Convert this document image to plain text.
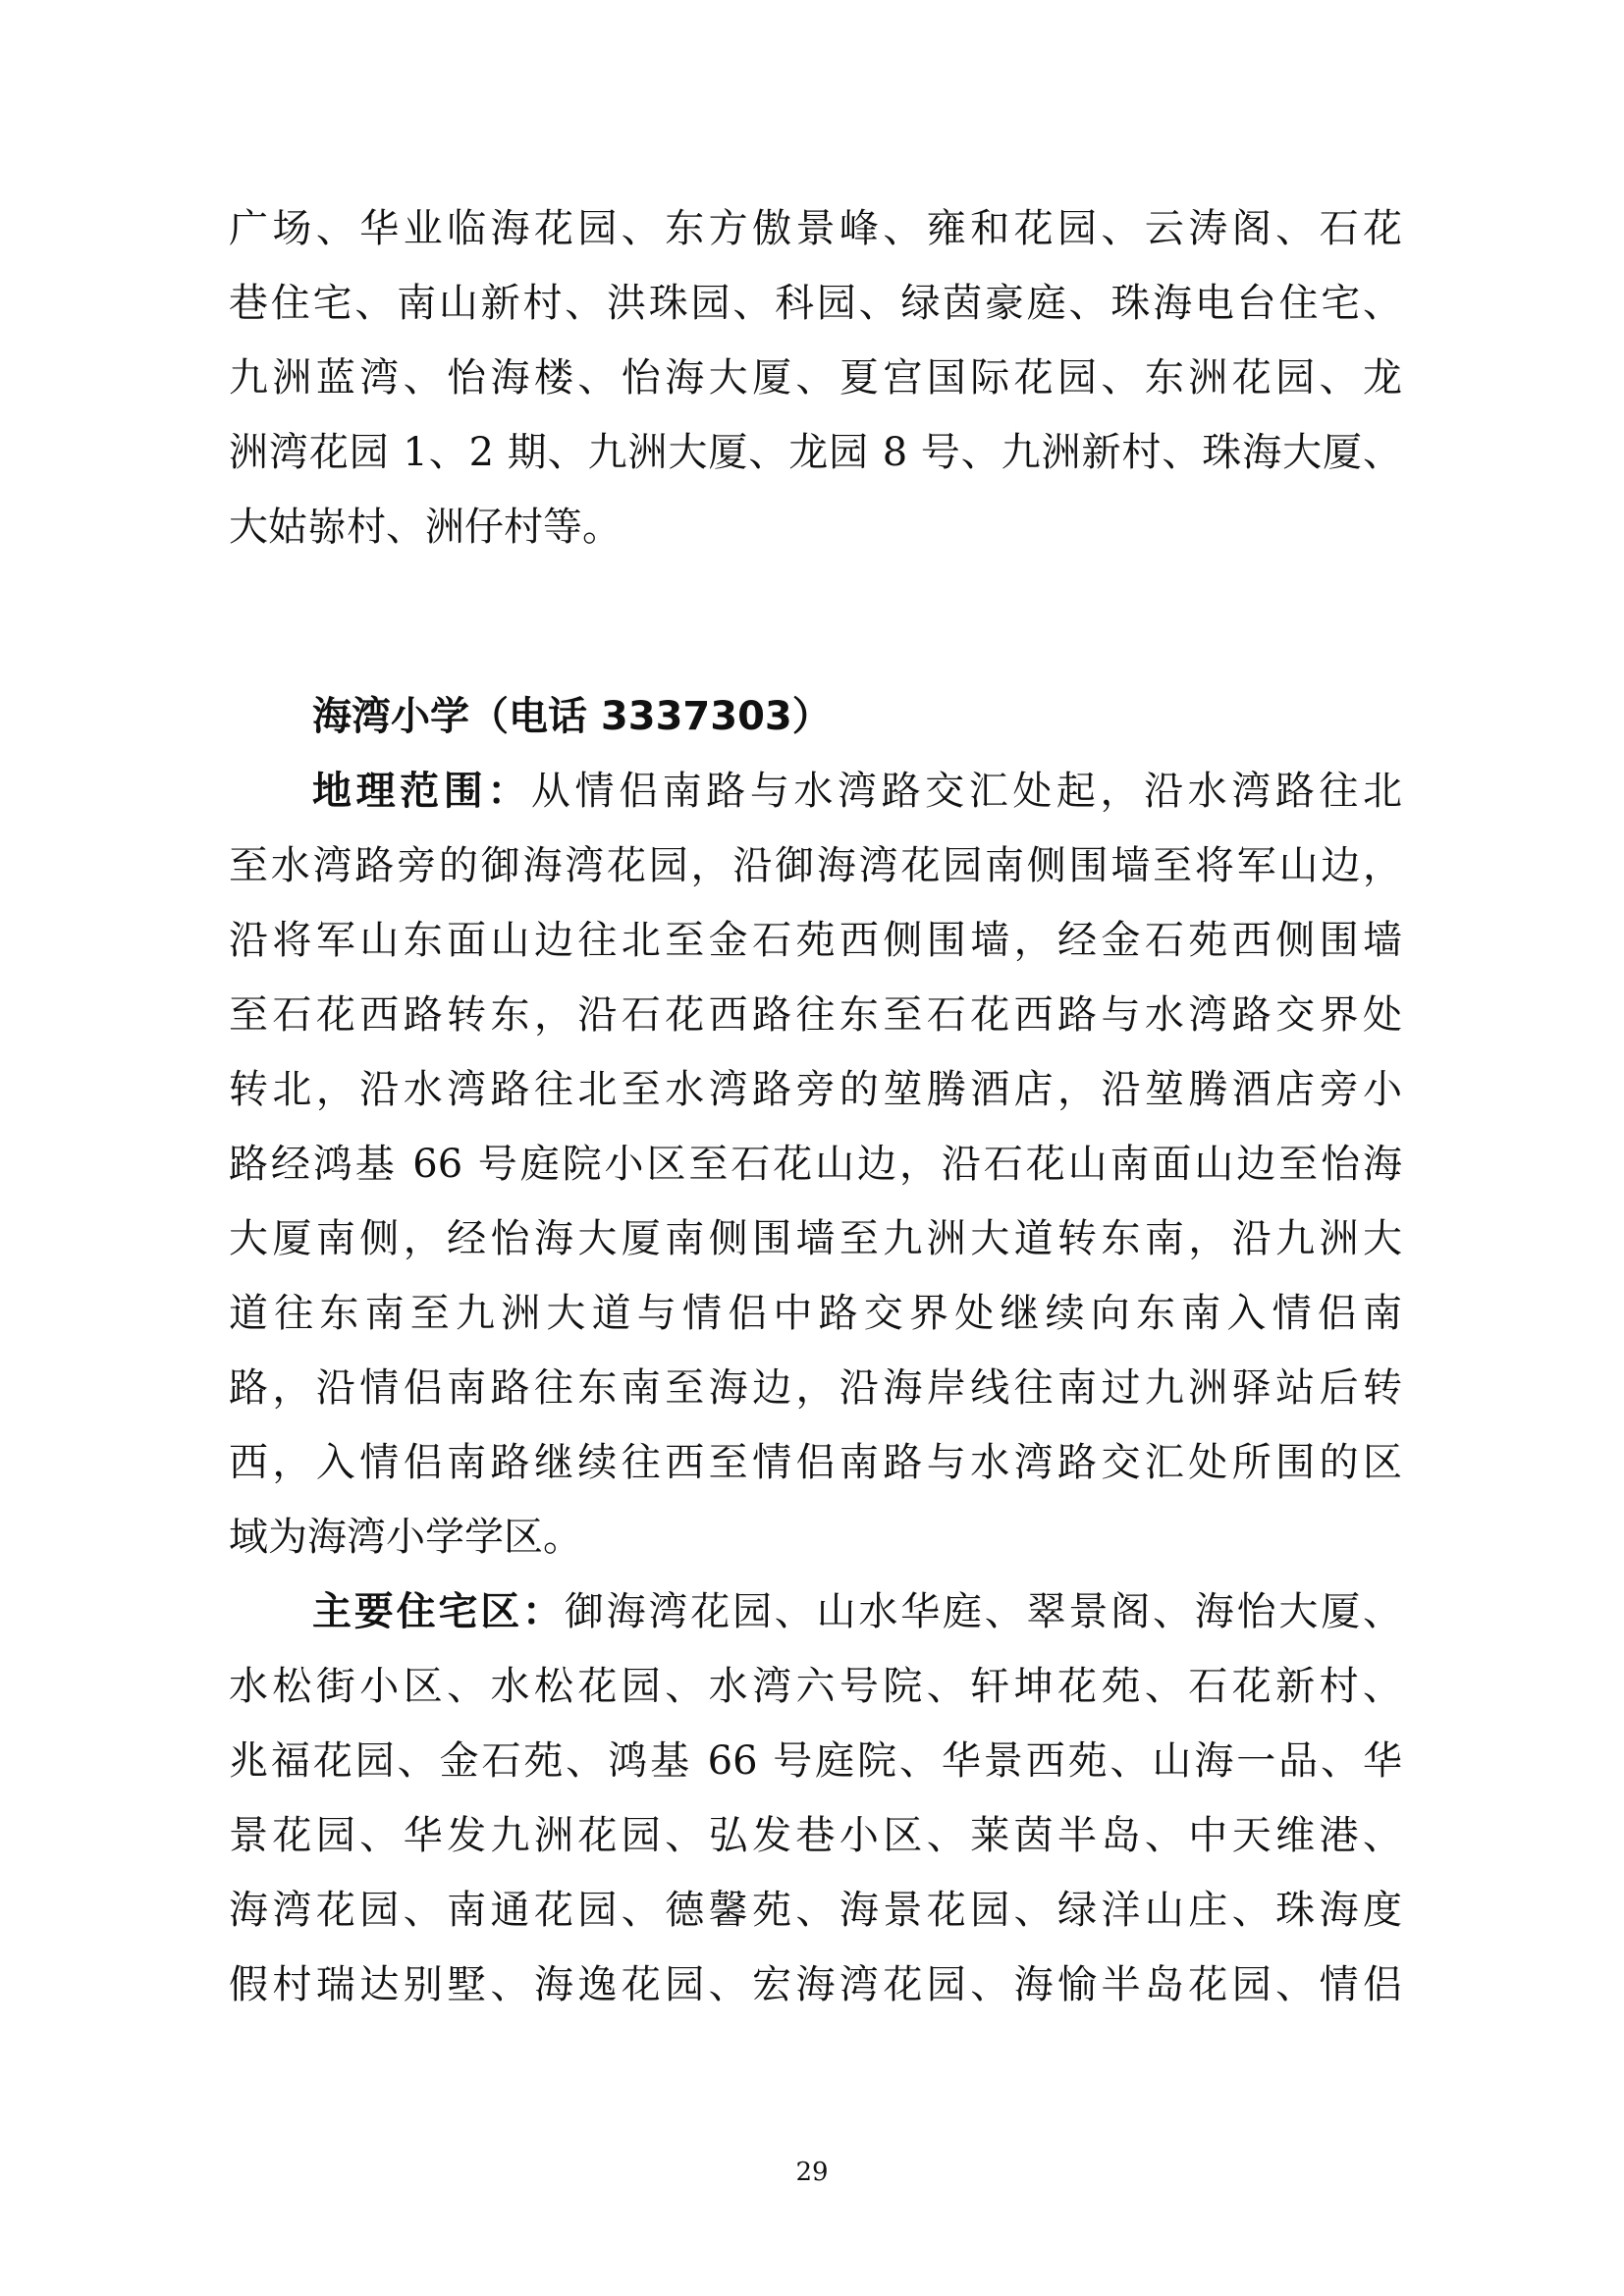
广场、华业临海花园、东方傲景峰、雍和花园、云涛阁、石花
巷住宅、南山新村、洪珠园、科园、绿茵豪庭、珠海电台住宅、
九洲蓝湾、怡海楼、怡海大厦、夏宫国际花园、东洲花园、龙
洲湾花园 1、2 期、九洲大厦、龙园 8 号、九洲新村、珠海大厦、
大姑㟜村、洲仔村等。
海湾小学（电话 3337303）
地理范围：从情侣南路与水湾路交汇处起，沿水湾路往北
至水湾路旁的御海湾花园，沿御海湾花园南侧围墙至将军山边，
沿将军山东面山边往北至金石苑西侧围墙，经金石苑西侧围墙
至石花西路转东，沿石花西路往东至石花西路与水湾路交界处
转北，沿水湾路往北至水湾路旁的堃腾酒店，沿堃腾酒店旁小
路经鸿基 66 号庭院小区至石花山边，沿石花山南面山边至怡海
大厦南侧，经怡海大厦南侧围墙至九洲大道转东南，沿九洲大
道往东南至九洲大道与情侣中路交界处继续向东南入情侣南
路，沿情侣南路往东南至海边，沿海岸线往南过九洲驿站后转
西，入情侣南路继续往西至情侣南路与水湾路交汇处所围的区
域为海湾小学学区。
主要住宅区：御海湾花园、山水华庭、翠景阁、海怡大厦、
水松街小区、水松花园、水湾六号院、轩坤花苑、石花新村、
兆福花园、金石苑、鸿基 66 号庭院、华景西苑、山海一品、华
景花园、华发九洲花园、弘发巷小区、莱茵半岛、中天维港、
海湾花园、南通花园、德馨苑、海景花园、绿洋山庄、珠海度
假村瑞达别墅、海逸花园、宏海湾花园、海愉半岛花园、情侣
29
